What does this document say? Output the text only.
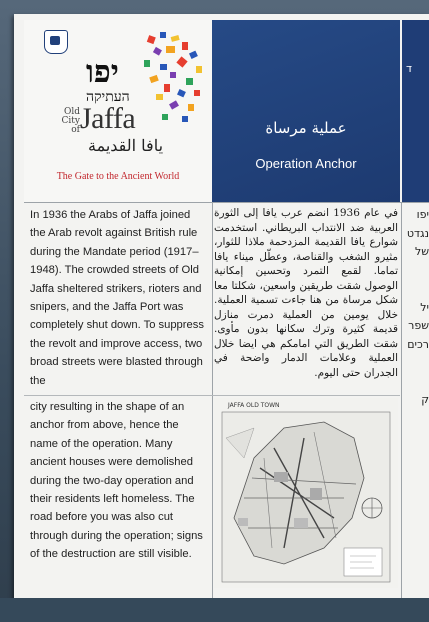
יפו
העתיקה
Old
City of Jaffa
يافا القديمة
The Gate to the Ancient World
ד
عملية مرساة
Operation Anchor
In 1936 the Arabs of Jaffa joined the Arab revolt against British rule during the Mandate period (1917–1948). The crowded streets of Old Jaffa sheltered strikers, rioters and snipers, and the Jaffa Port was completely shut down. To suppress the revolt and improve access, two broad streets were blasted through the
city resulting in the shape of an anchor from above, hence the name of the operation. Many ancient houses were demolished during the two-day operation and their residents left homeless. The road before you was also cut through during the operation; signs of the destruction are still visible.
في عام 1936 انضم عرب يافا إلى الثورة العربية ضد الانتداب البريطاني. استخدمت شوارع يافا القديمة المزدحمة ملاذا للثوار، مثيرو الشغب والقناصة، وعطّل ميناء يافا تماما. لقمع التمرد وتحسين إمكانية الوصول شقت طريقين واسعين، شكلتا معا شكل مرساة من هنا جاءت تسمية العملية. خلال يومين من العملية دمرت منازل قديمة كثيرة وترك سكانها بدون مأوى. شقت الطريق التي امامكم هي ايضا خلال العملية وعلامات الدمار واضحة في الجدران حتى اليوم.
יפו
נגדט
של
יל
שפר
רכים
ק
JAFFA OLD TOWN
